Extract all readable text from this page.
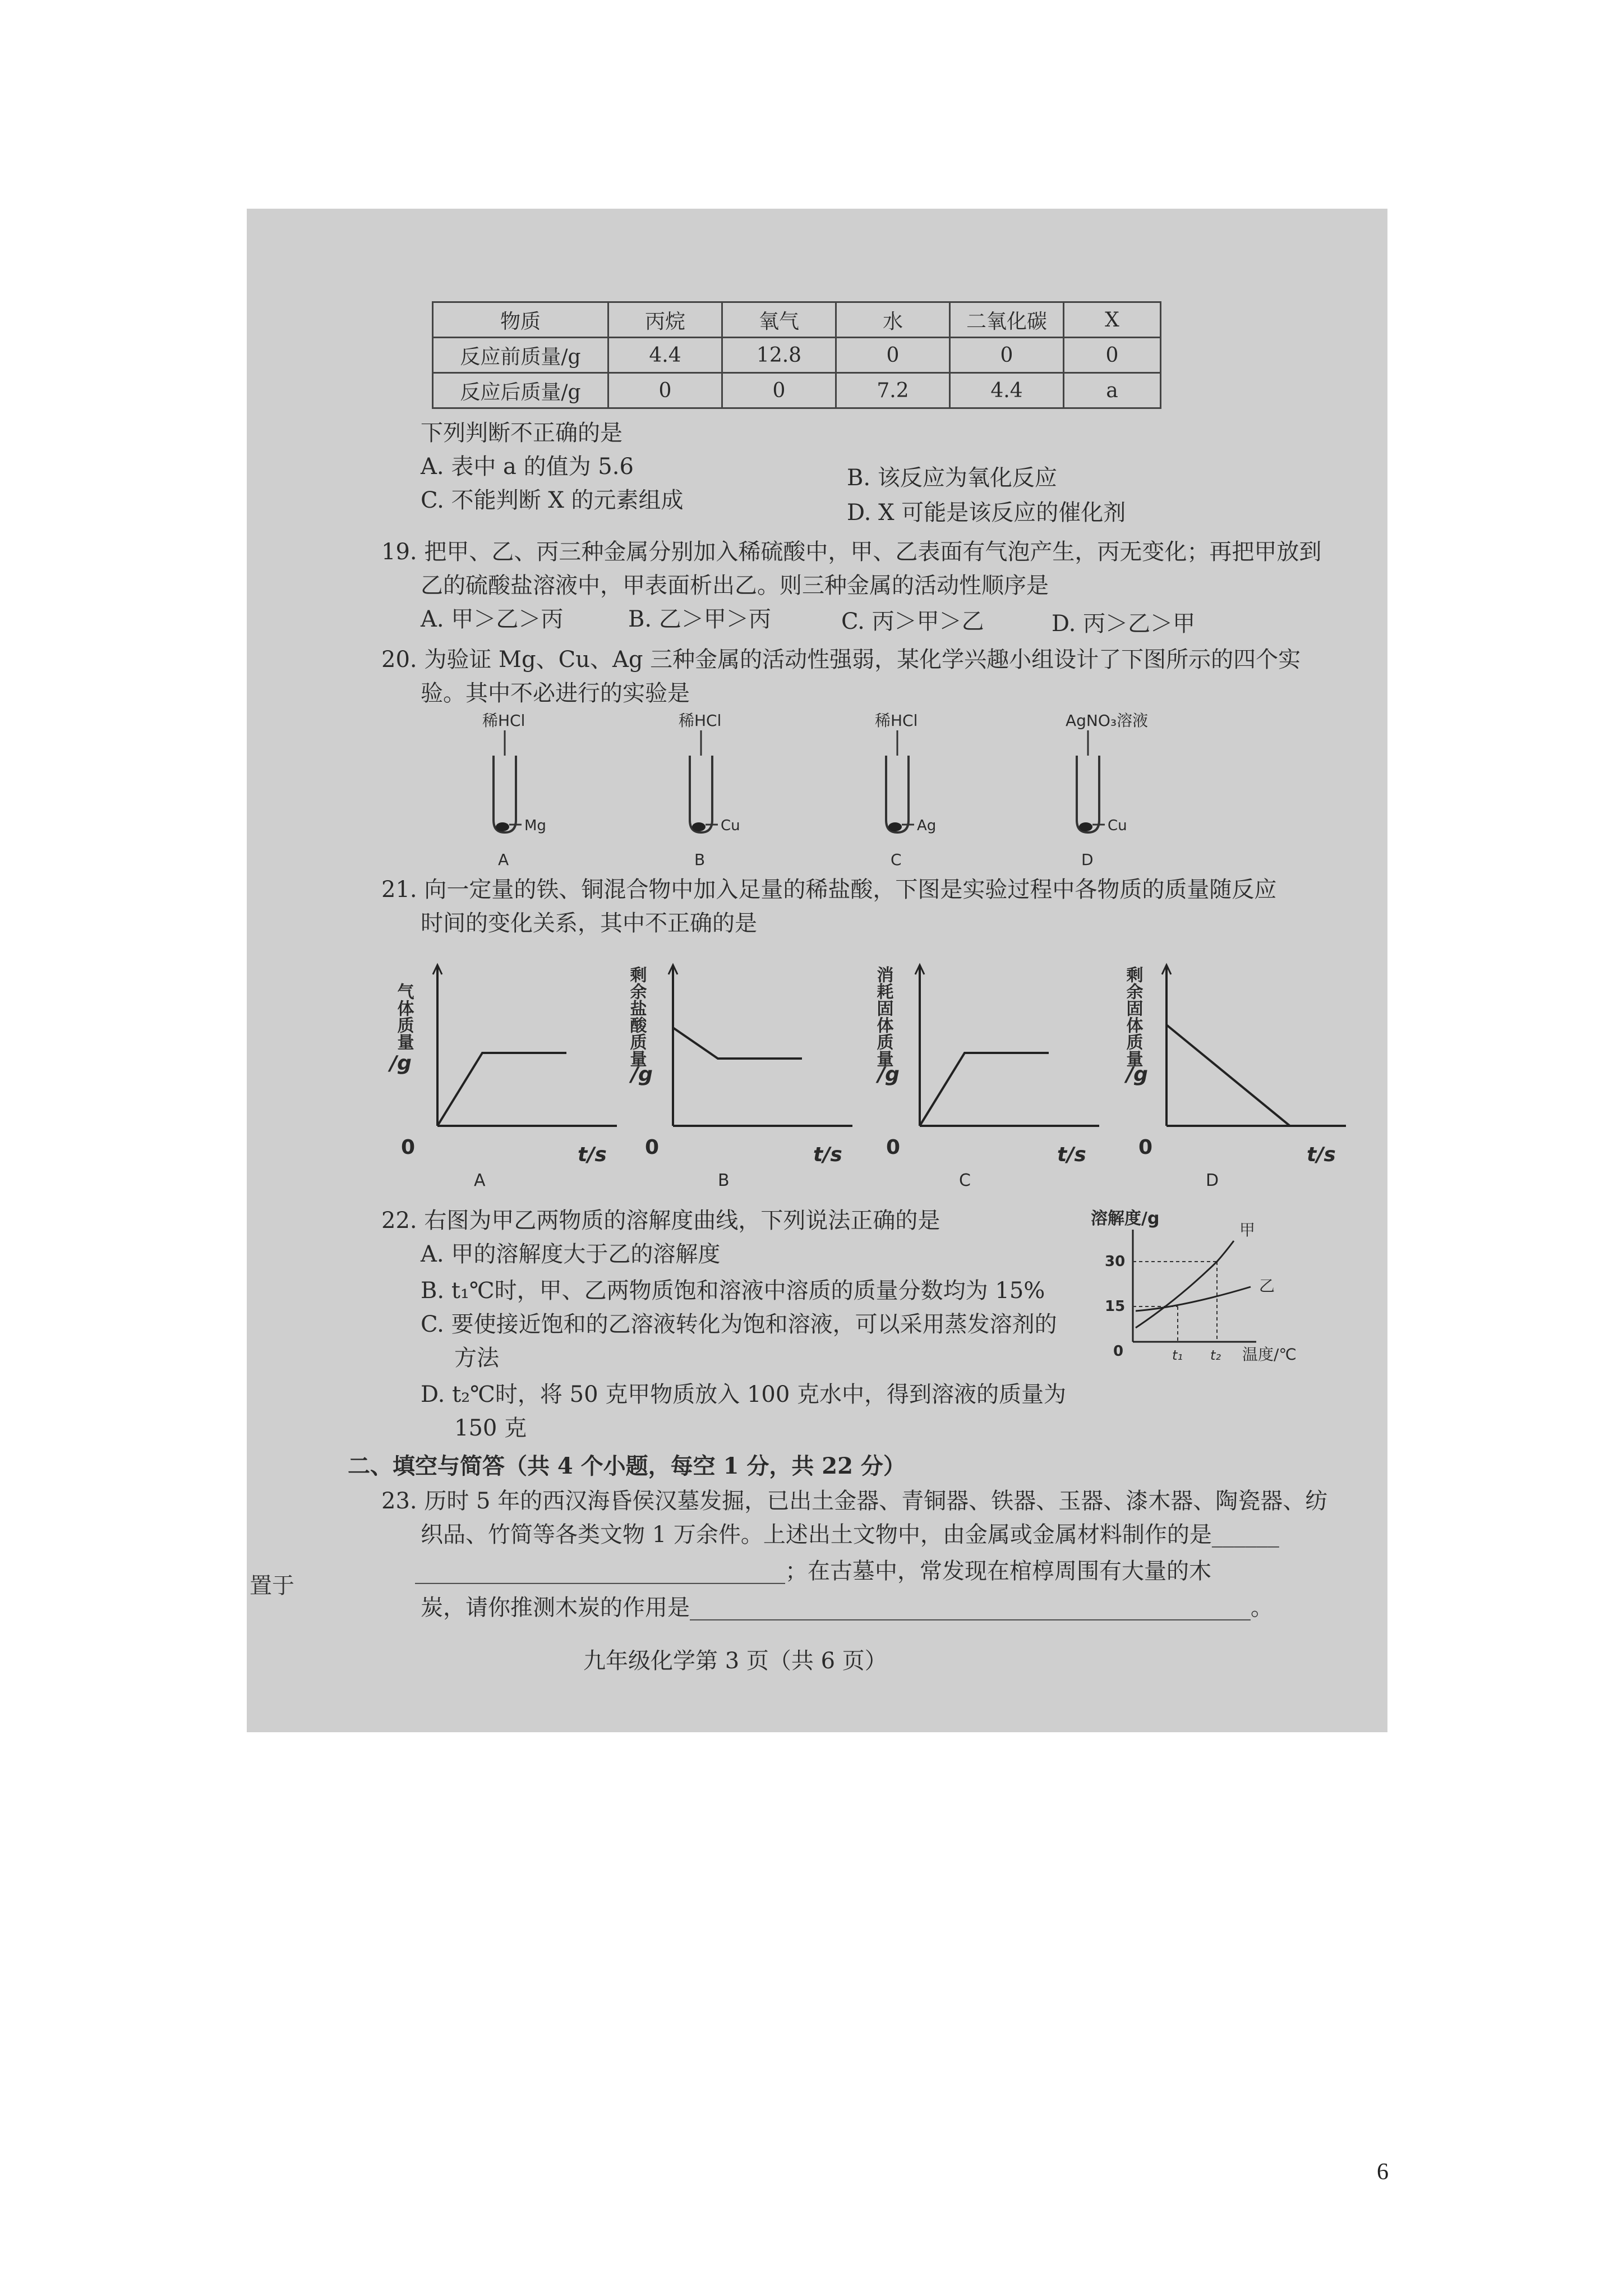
物质	丙烷	氧气	水	二氧化碳	X
反应前质量/g	4.4	12.8	0	0	0
反应后质量/g	0	0	7.2	4.4	a
下列判断不正确的是
A. 表中 a 的值为 5.6	B. 该反应为氧化反应
C. 不能判断 X 的元素组成	D. X 可能是该反应的催化剂
19. 把甲、乙、丙三种金属分别加入稀硫酸中，甲、乙表面有气泡产生，丙无变化；再把甲放到
乙的硫酸盐溶液中，甲表面析出乙。则三种金属的活动性顺序是
A. 甲＞乙＞丙	B. 乙＞甲＞丙	C. 丙＞甲＞乙	D. 丙＞乙＞甲
20. 为验证 Mg、Cu、Ag 三种金属的活动性强弱，某化学兴趣小组设计了下图所示的四个实
验。其中不必进行的实验是
稀HCl
Mg
A
稀HCl
Cu
B
稀HCl
Ag
C
AgNO₃溶液
Cu
D
21. 向一定量的铁、铜混合物中加入足量的稀盐酸，下图是实验过程中各物质的质量随反应
时间的变化关系，其中不正确的是
气体质量
/g
0	t/s
A
剩余盐酸质量
/g
0	t/s
B
消耗固体质量
/g
0	t/s
C
剩余固体质量
/g
0	t/s
D
22. 右图为甲乙两物质的溶解度曲线，下列说法正确的是
A. 甲的溶解度大于乙的溶解度
B. t₁℃时，甲、乙两物质饱和溶液中溶质的质量分数均为 15%
C. 要使接近饱和的乙溶液转化为饱和溶液，可以采用蒸发溶剂的
方法
D. t₂℃时，将 50 克甲物质放入 100 克水中，得到溶液的质量为
150 克
溶解度/g
30
15
0
甲
乙
t₁ t₂ 温度/℃
二、填空与简答（共 4 个小题，每空 1 分，共 22 分）
23. 历时 5 年的西汉海昏侯汉墓发掘，已出土金器、青铜器、铁器、玉器、漆木器、陶瓷器、纺
织品、竹简等各类文物 1 万余件。上述出土文物中，由金属或金属材料制作的是______
_________________________________；在古墓中，常发现在棺椁周围有大量的木
炭，请你推测木炭的作用是__________________________________________________。
九年级化学第 3 页（共 6 页）
置于
6
